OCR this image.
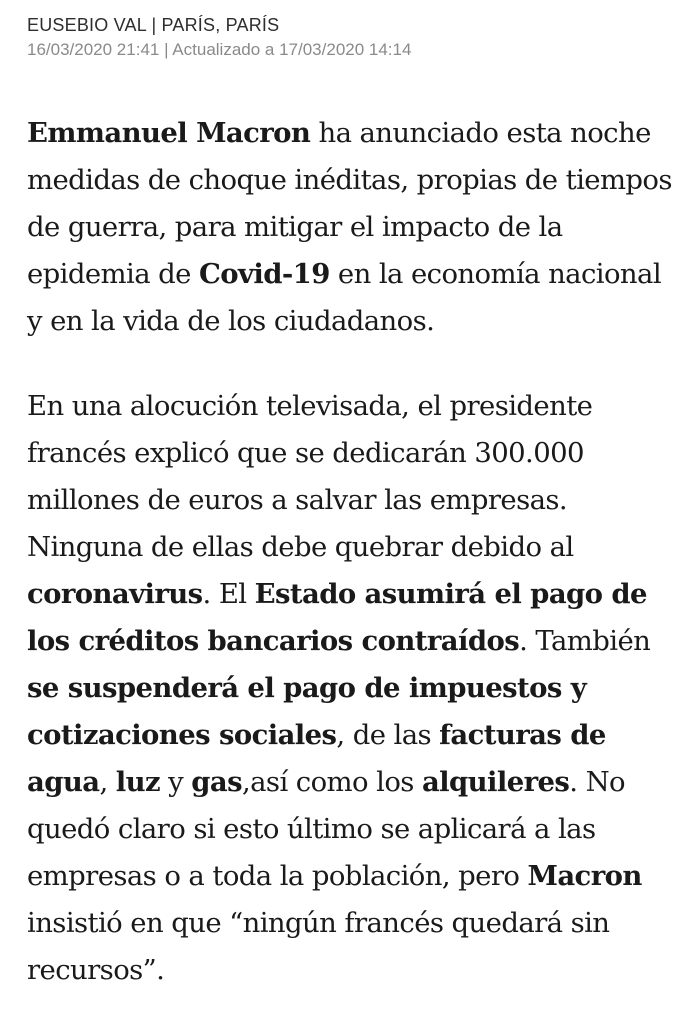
EUSEBIO VAL | PARÍS, PARÍS
16/03/2020 21:41 | Actualizado a 17/03/2020 14:14

Emmanuel Macron ha anunciado esta noche medidas de choque inéditas, propias de tiempos de guerra, para mitigar el impacto de la epidemia de Covid-19 en la economía nacional y en la vida de los ciudadanos.

En una alocución televisada, el presidente francés explicó que se dedicarán 300.000 millones de euros a salvar las empresas. Ninguna de ellas debe quebrar debido al coronavirus. El Estado asumirá el pago de los créditos bancarios contraídos. También se suspenderá el pago de impuestos y cotizaciones sociales, de las facturas de agua, luz y gas,así como los alquileres. No quedó claro si esto último se aplicará a las empresas o a toda la población, pero Macron insistió en que “ningún francés quedará sin recursos”.
